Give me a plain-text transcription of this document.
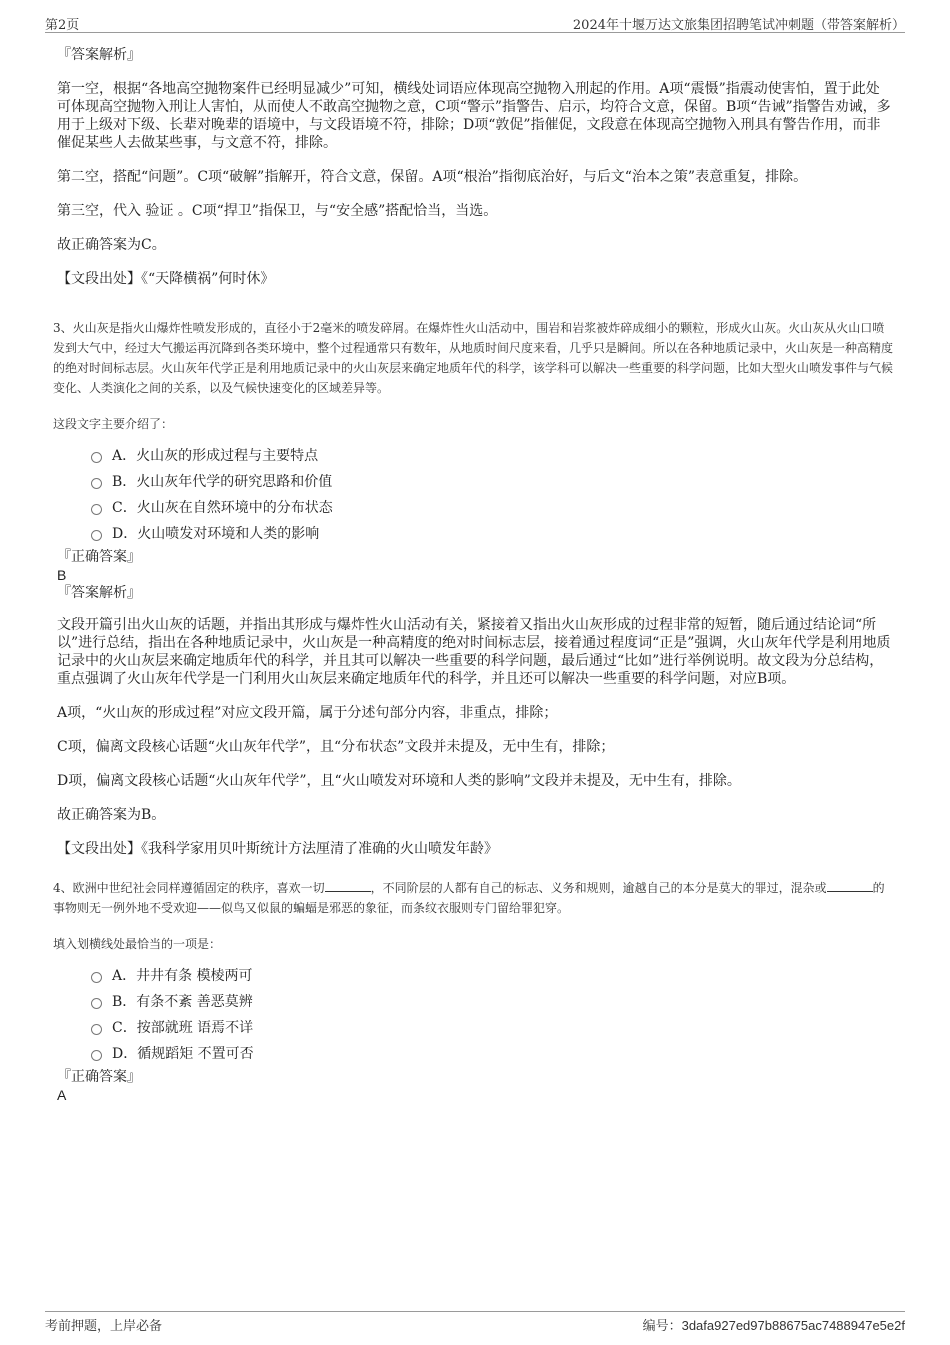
第2页	2024年十堰万达文旅集团招聘笔试冲刺题（带答案解析）

『答案解析』

第一空，根据“各地高空抛物案件已经明显减少”可知，横线处词语应体现高空抛物入刑起的作用。A项“震慑”指震动使害怕，置于此处可体现高空抛物入刑让人害怕，从而使人不敢高空抛物之意，C项“警示”指警告、启示，均符合文意，保留。B项“告诫”指警告劝诫，多用于上级对下级、长辈对晚辈的语境中，与文段语境不符，排除；D项“敦促”指催促，文段意在体现高空抛物入刑具有警告作用，而非催促某些人去做某些事，与文意不符，排除。

第二空，搭配“问题”。C项“破解”指解开，符合文意，保留。A项“根治”指彻底治好，与后文“治本之策”表意重复，排除。

第三空，代入 验证 。C项“捍卫”指保卫，与“安全感”搭配恰当，当选。

故正确答案为C。

【文段出处】《“天降横祸”何时休》

3、火山灰是指火山爆炸性喷发形成的，直径小于2毫米的喷发碎屑。在爆炸性火山活动中，围岩和岩浆被炸碎成细小的颗粒，形成火山灰。火山灰从火山口喷发到大气中，经过大气搬运再沉降到各类环境中，整个过程通常只有数年，从地质时间尺度来看，几乎只是瞬间。所以在各种地质记录中，火山灰是一种高精度的绝对时间标志层。火山灰年代学正是利用地质记录中的火山灰层来确定地质年代的科学，该学科可以解决一些重要的科学问题，比如大型火山喷发事件与气候变化、人类演化之间的关系，以及气候快速变化的区域差异等。

这段文字主要介绍了：

A．火山灰的形成过程与主要特点
B．火山灰年代学的研究思路和价值
C．火山灰在自然环境中的分布状态
D．火山喷发对环境和人类的影响

『正确答案』

B

『答案解析』

文段开篇引出火山灰的话题，并指出其形成与爆炸性火山活动有关，紧接着又指出火山灰形成的过程非常的短暂，随后通过结论词“所以”进行总结，指出在各种地质记录中，火山灰是一种高精度的绝对时间标志层，接着通过程度词“正是”强调，火山灰年代学是利用地质记录中的火山灰层来确定地质年代的科学，并且其可以解决一些重要的科学问题，最后通过“比如”进行举例说明。故文段为分总结构，重点强调了火山灰年代学是一门利用火山灰层来确定地质年代的科学，并且还可以解决一些重要的科学问题，对应B项。

A项，“火山灰的形成过程”对应文段开篇，属于分述句部分内容，非重点，排除；

C项，偏离文段核心话题“火山灰年代学”，且“分布状态”文段并未提及，无中生有，排除；

D项，偏离文段核心话题“火山灰年代学”，且“火山喷发对环境和人类的影响”文段并未提及，无中生有，排除。

故正确答案为B。

【文段出处】《我科学家用贝叶斯统计方法厘清了准确的火山喷发年龄》

4、欧洲中世纪社会同样遵循固定的秩序，喜欢一切	，不同阶层的人都有自己的标志、义务和规则，逾越自己的本分是莫大的罪过，混杂或	的事物则无一例外地不受欢迎——似鸟又似鼠的蝙蝠是邪恶的象征，而条纹衣服则专门留给罪犯穿。

填入划横线处最恰当的一项是：

A．井井有条 模棱两可
B．有条不紊 善恶莫辨
C．按部就班 语焉不详
D．循规蹈矩 不置可否

『正确答案』

A

考前押题，上岸必备	编号：3dafa927ed97b88675ac7488947e5e2f
